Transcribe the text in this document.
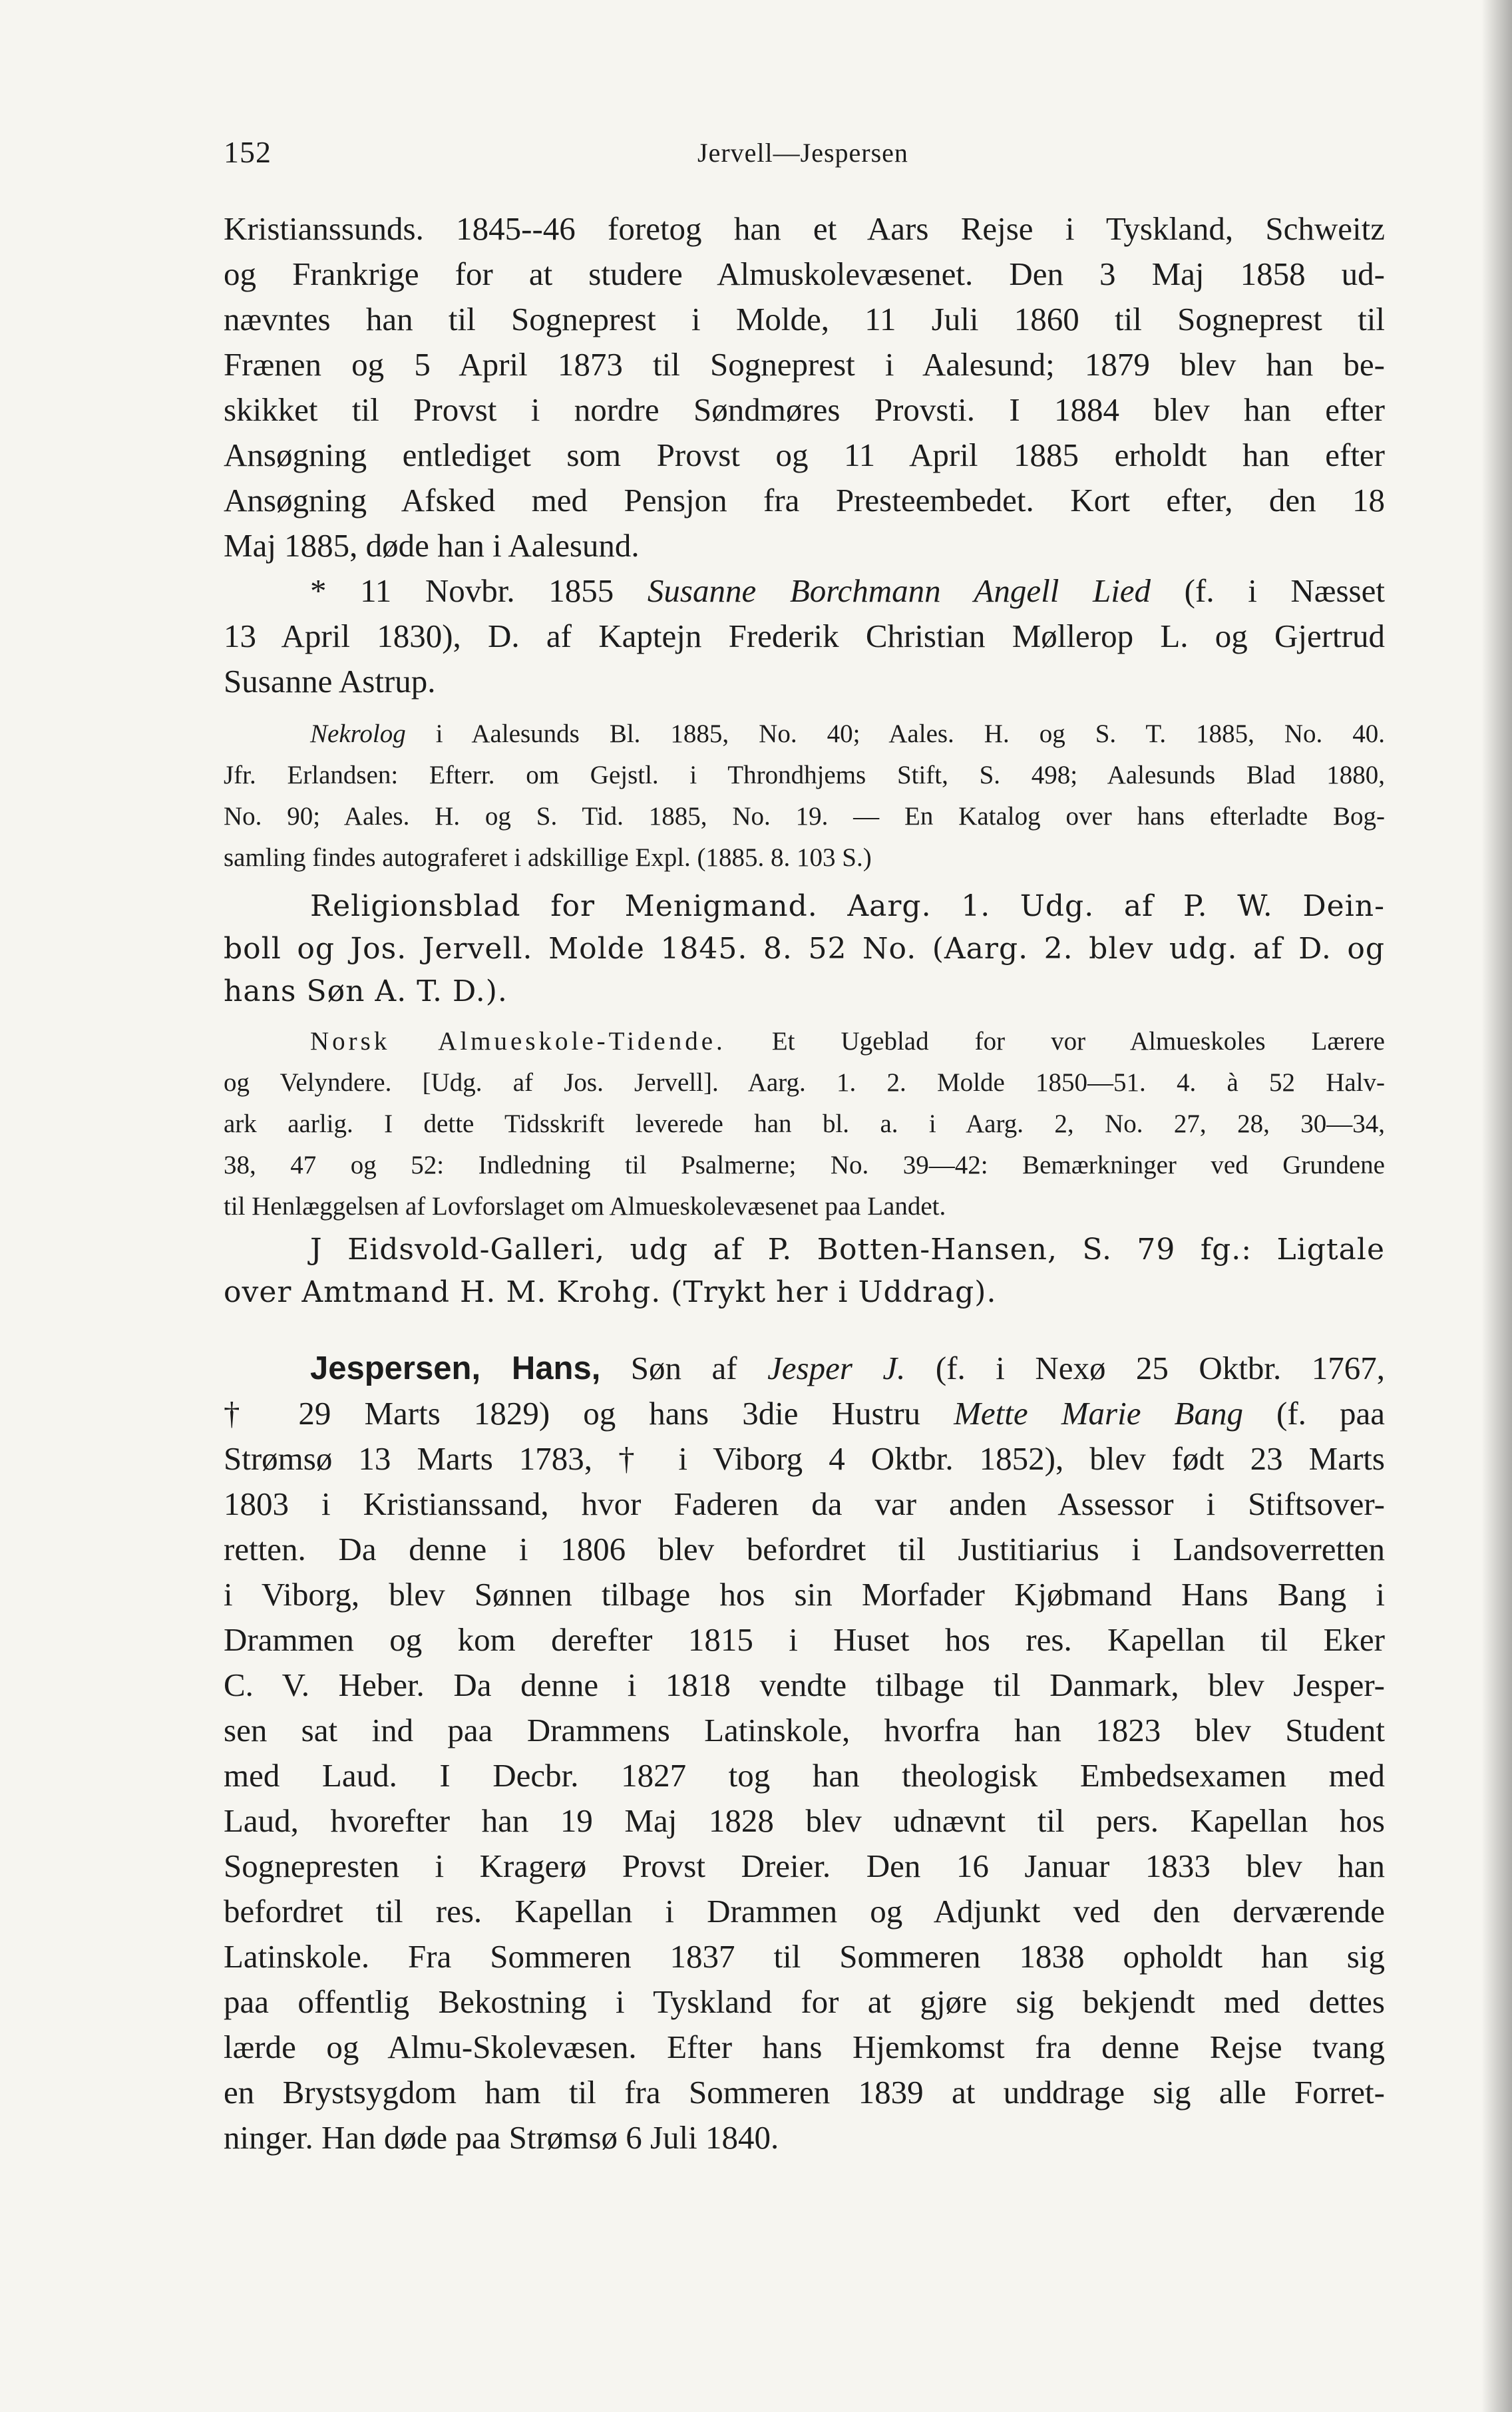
152	Jervell—Jespersen
Kristianssunds. 1845--46 foretog han et Aars Rejse i Tyskland, Schweitz
og Frankrige for at studere Almuskolevæsenet. Den 3 Maj 1858 ud-
nævntes han til Sogneprest i Molde, 11 Juli 1860 til Sogneprest til
Frænen og 5 April 1873 til Sogneprest i Aalesund; 1879 blev han be-
skikket til Provst i nordre Søndmøres Provsti. I 1884 blev han efter
Ansøgning entlediget som Provst og 11 April 1885 erholdt han efter
Ansøgning Afsked med Pensjon fra Presteembedet. Kort efter, den 18
Maj 1885, døde han i Aalesund.
* 11 Novbr. 1855 Susanne Borchmann Angell Lied (f. i Næsset
13 April 1830), D. af Kaptejn Frederik Christian Møllerop L. og Gjertrud
Susanne Astrup.
Nekrolog i Aalesunds Bl. 1885, No. 40; Aales. H. og S. T. 1885, No. 40.
Jfr. Erlandsen: Efterr. om Gejstl. i Throndhjems Stift, S. 498; Aalesunds Blad 1880,
No. 90; Aales. H. og S. Tid. 1885, No. 19. — En Katalog over hans efterladte Bog-
samling findes autograferet i adskillige Expl. (1885. 8. 103 S.)
Religionsblad for Menigmand. Aarg. 1. Udg. af P. W. Dein-
boll og Jos. Jervell. Molde 1845. 8. 52 No. (Aarg. 2. blev udg. af D. og
hans Søn A. T. D.).
Norsk Almueskole-Tidende. Et Ugeblad for vor Almueskoles Lærere
og Velyndere. [Udg. af Jos. Jervell]. Aarg. 1. 2. Molde 1850—51. 4. à 52 Halv-
ark aarlig. I dette Tidsskrift leverede han bl. a. i Aarg. 2, No. 27, 28, 30—34,
38, 47 og 52: Indledning til Psalmerne; No. 39—42: Bemærkninger ved Grundene
til Henlæggelsen af Lovforslaget om Almueskolevæsenet paa Landet.
J Eidsvold-Galleri, udg af P. Botten-Hansen, S. 79 fg.: Ligtale
over Amtmand H. M. Krohg. (Trykt her i Uddrag).
Jespersen, Hans, Søn af Jesper J. (f. i Nexø 25 Oktbr. 1767,
† 29 Marts 1829) og hans 3die Hustru Mette Marie Bang (f. paa
Strømsø 13 Marts 1783, † i Viborg 4 Oktbr. 1852), blev født 23 Marts
1803 i Kristianssand, hvor Faderen da var anden Assessor i Stiftsover-
retten. Da denne i 1806 blev befordret til Justitiarius i Landsoverretten
i Viborg, blev Sønnen tilbage hos sin Morfader Kjøbmand Hans Bang i
Drammen og kom derefter 1815 i Huset hos res. Kapellan til Eker
C. V. Heber. Da denne i 1818 vendte tilbage til Danmark, blev Jesper-
sen sat ind paa Drammens Latinskole, hvorfra han 1823 blev Student
med Laud. I Decbr. 1827 tog han theologisk Embedsexamen med
Laud, hvorefter han 19 Maj 1828 blev udnævnt til pers. Kapellan hos
Sognepresten i Kragerø Provst Dreier. Den 16 Januar 1833 blev han
befordret til res. Kapellan i Drammen og Adjunkt ved den derværende
Latinskole. Fra Sommeren 1837 til Sommeren 1838 opholdt han sig
paa offentlig Bekostning i Tyskland for at gjøre sig bekjendt med dettes
lærde og Almu-Skolevæsen. Efter hans Hjemkomst fra denne Rejse tvang
en Brystsygdom ham til fra Sommeren 1839 at unddrage sig alle Forret-
ninger. Han døde paa Strømsø 6 Juli 1840.
